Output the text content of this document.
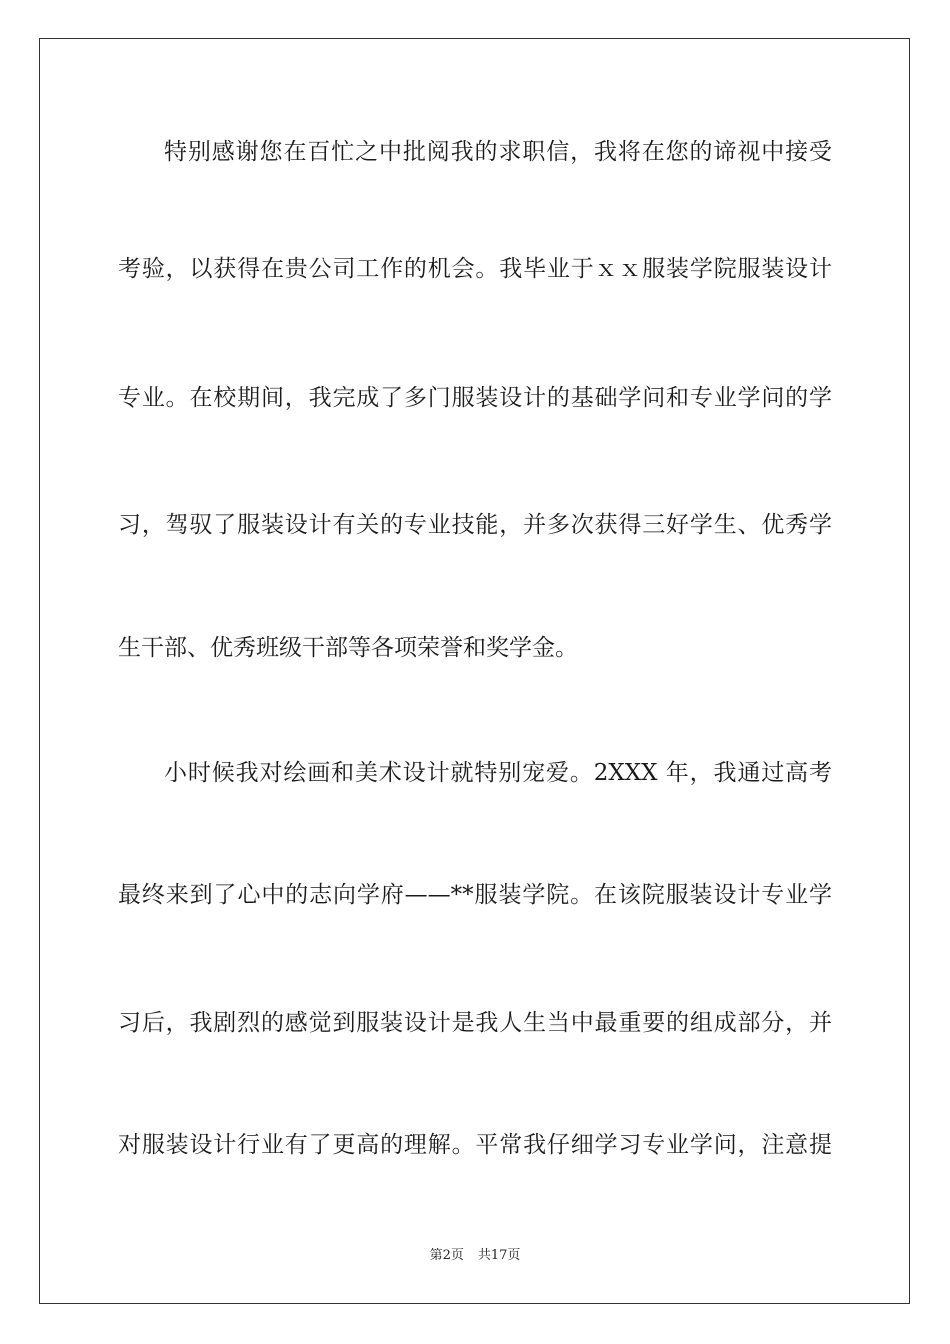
特别感谢您在百忙之中批阅我的求职信，我将在您的谛视中接受
考验，以获得在贵公司工作的机会。我毕业于ｘｘ服装学院服装设计
专业。在校期间，我完成了多门服装设计的基础学问和专业学问的学
习，驾驭了服装设计有关的专业技能，并多次获得三好学生、优秀学
生干部、优秀班级干部等各项荣誉和奖学金。
小时候我对绘画和美术设计就特别宠爱。2XXX 年，我通过高考
最终来到了心中的志向学府——**服装学院。在该院服装设计专业学
习后，我剧烈的感觉到服装设计是我人生当中最重要的组成部分，并
对服装设计行业有了更高的理解。平常我仔细学习专业学问，注意提
第2页 共17页
